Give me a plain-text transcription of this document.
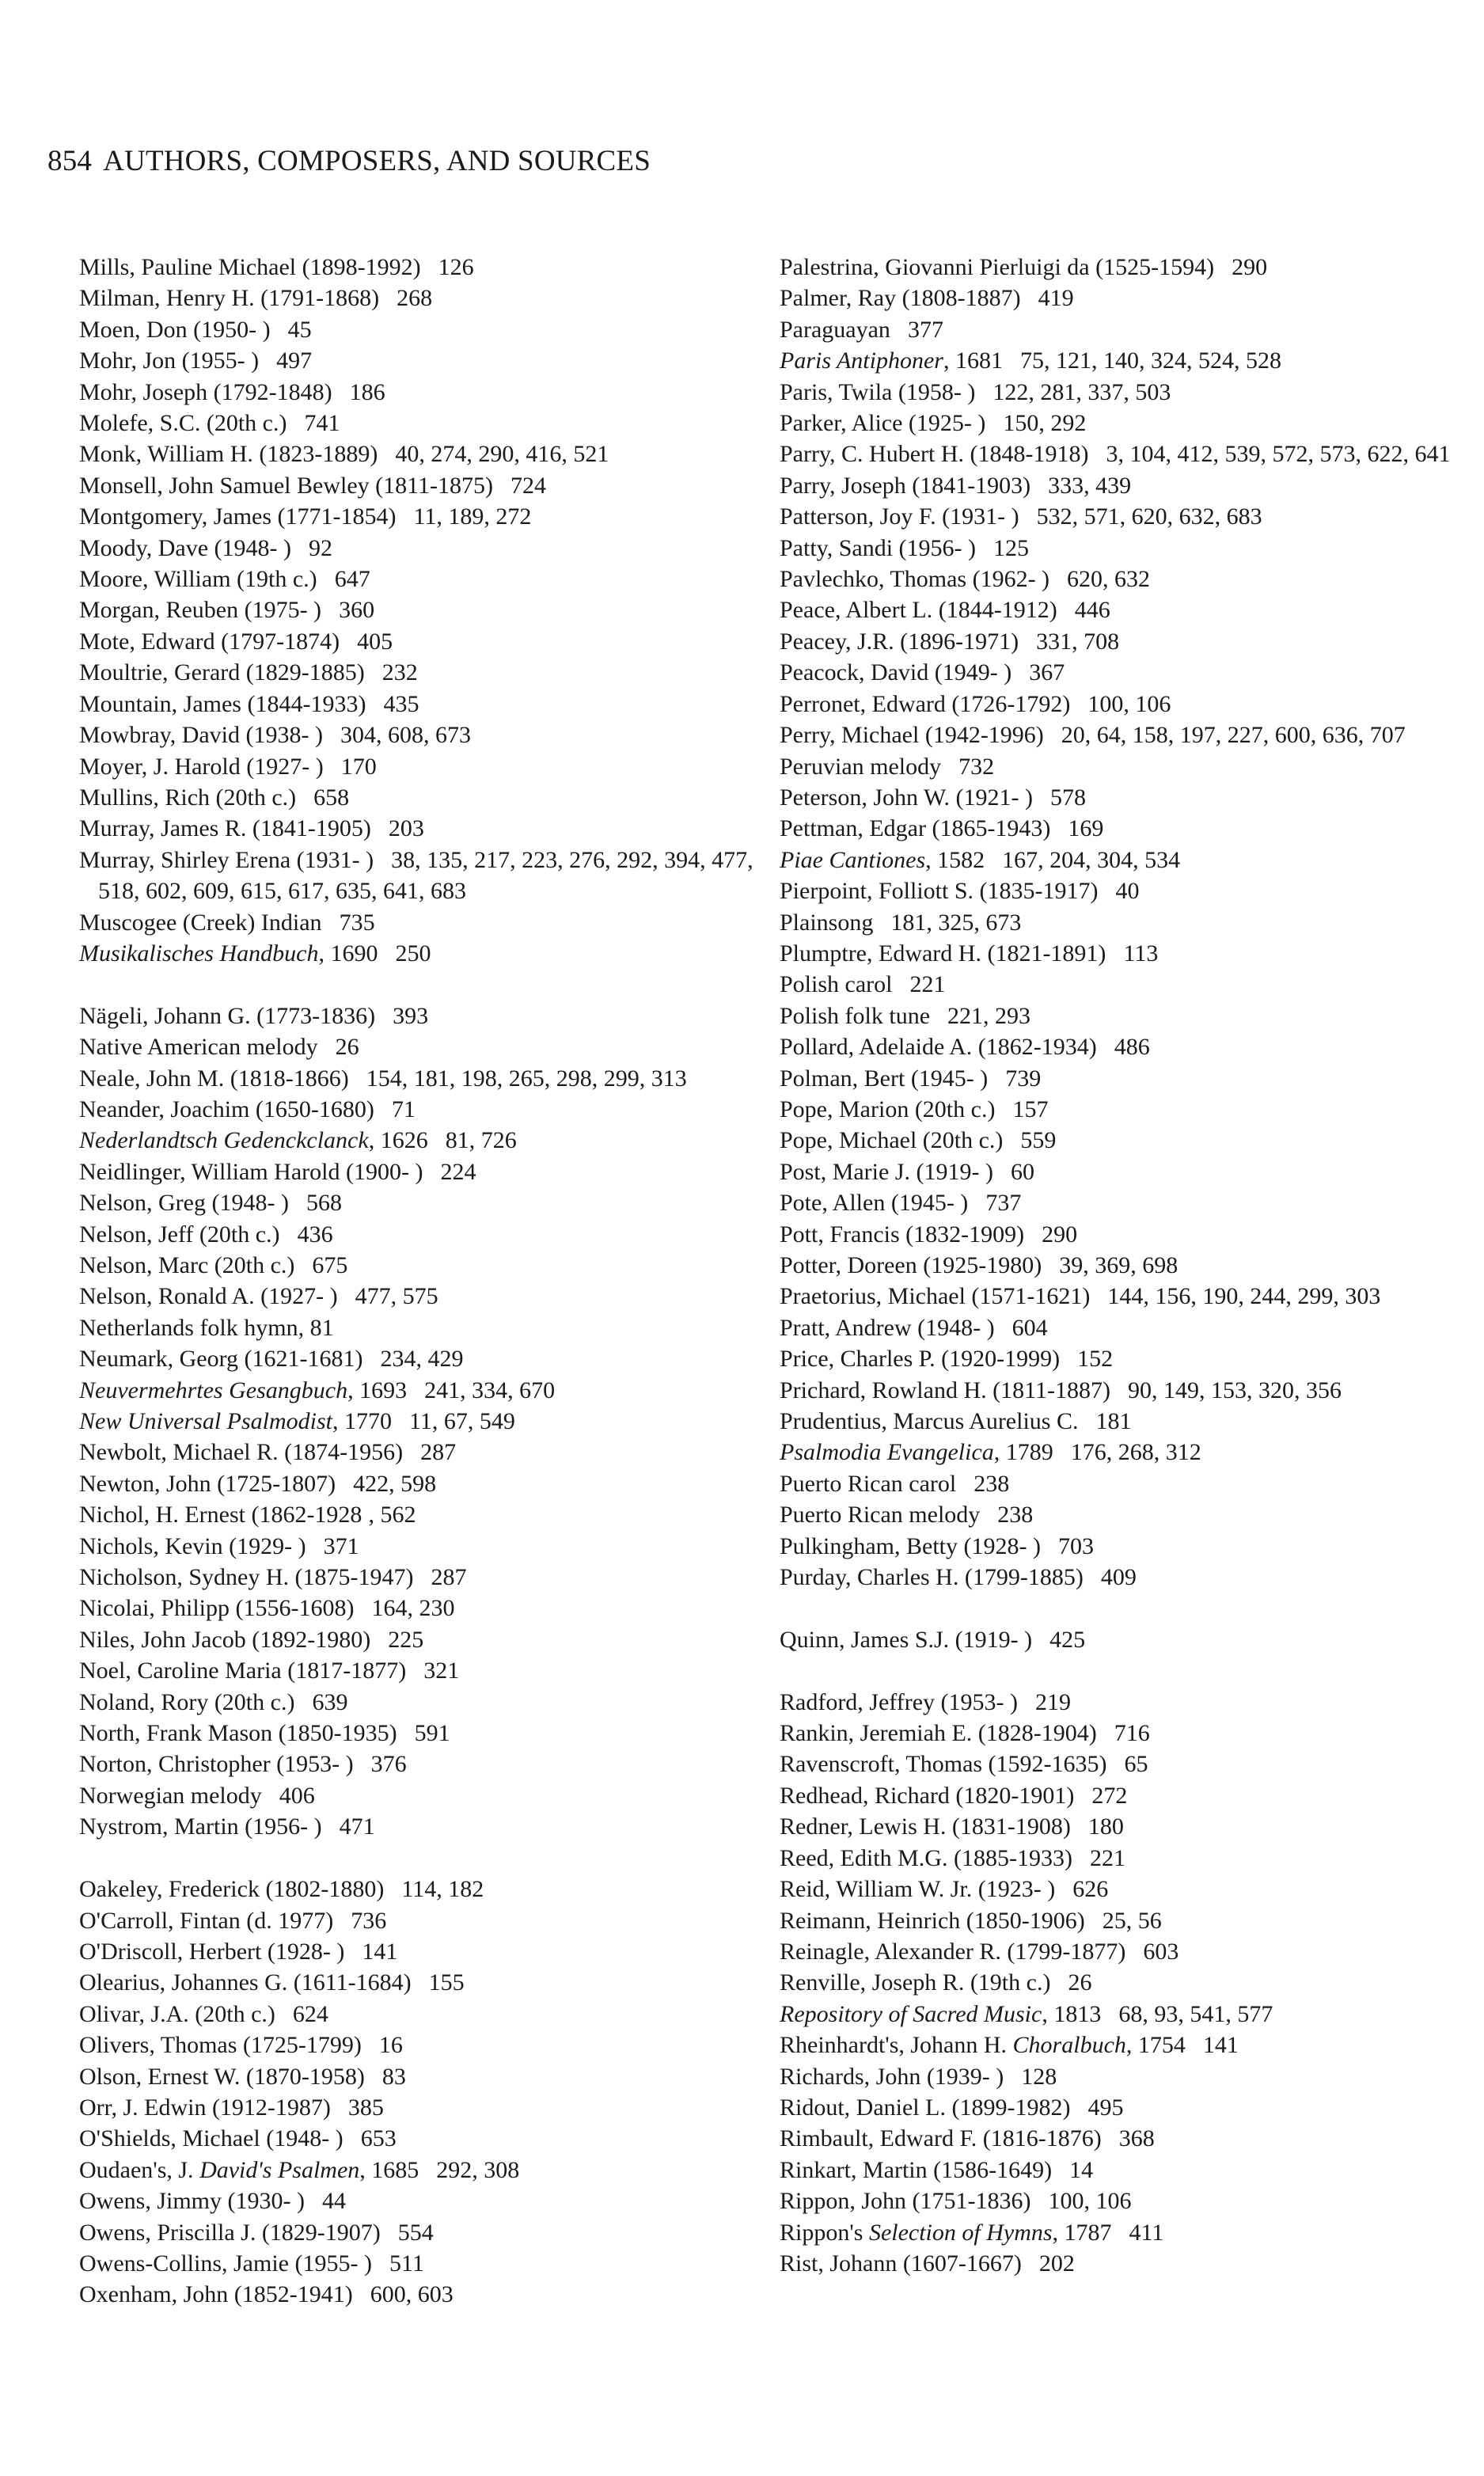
854 AUTHORS, COMPOSERS, AND SOURCES
Mills, Pauline Michael (1898-1992) 126
Milman, Henry H. (1791-1868) 268
Moen, Don (1950- ) 45
Mohr, Jon (1955- ) 497
Mohr, Joseph (1792-1848) 186
Molefe, S.C. (20th c.) 741
Monk, William H. (1823-1889) 40, 274, 290, 416, 521
Monsell, John Samuel Bewley (1811-1875) 724
Montgomery, James (1771-1854) 11, 189, 272
Moody, Dave (1948- ) 92
Moore, William (19th c.) 647
Morgan, Reuben (1975- ) 360
Mote, Edward (1797-1874) 405
Moultrie, Gerard (1829-1885) 232
Mountain, James (1844-1933) 435
Mowbray, David (1938- ) 304, 608, 673
Moyer, J. Harold (1927- ) 170
Mullins, Rich (20th c.) 658
Murray, James R. (1841-1905) 203
Murray, Shirley Erena (1931- ) 38, 135, 217, 223, 276, 292, 394, 477, 518, 602, 609, 615, 617, 635, 641, 683
Muscogee (Creek) Indian 735
Musikalisches Handbuch, 1690 250
Nägeli, Johann G. (1773-1836) 393
Native American melody 26
Neale, John M. (1818-1866) 154, 181, 198, 265, 298, 299, 313
Neander, Joachim (1650-1680) 71
Nederlandtsch Gedenckclanck, 1626 81, 726
Neidlinger, William Harold (1900- ) 224
Nelson, Greg (1948- ) 568
Nelson, Jeff (20th c.) 436
Nelson, Marc (20th c.) 675
Nelson, Ronald A. (1927- ) 477, 575
Netherlands folk hymn, 81
Neumark, Georg (1621-1681) 234, 429
Neuvermehrtes Gesangbuch, 1693 241, 334, 670
New Universal Psalmodist, 1770 11, 67, 549
Newbolt, Michael R. (1874-1956) 287
Newton, John (1725-1807) 422, 598
Nichol, H. Ernest (1862-1928 , 562
Nichols, Kevin (1929- ) 371
Nicholson, Sydney H. (1875-1947) 287
Nicolai, Philipp (1556-1608) 164, 230
Niles, John Jacob (1892-1980) 225
Noel, Caroline Maria (1817-1877) 321
Noland, Rory (20th c.) 639
North, Frank Mason (1850-1935) 591
Norton, Christopher (1953- ) 376
Norwegian melody 406
Nystrom, Martin (1956- ) 471
Oakeley, Frederick (1802-1880) 114, 182
O'Carroll, Fintan (d. 1977) 736
O'Driscoll, Herbert (1928- ) 141
Olearius, Johannes G. (1611-1684) 155
Olivar, J.A. (20th c.) 624
Olivers, Thomas (1725-1799) 16
Olson, Ernest W. (1870-1958) 83
Orr, J. Edwin (1912-1987) 385
O'Shields, Michael (1948- ) 653
Oudaen's, J. David's Psalmen, 1685 292, 308
Owens, Jimmy (1930- ) 44
Owens, Priscilla J. (1829-1907) 554
Owens-Collins, Jamie (1955- ) 511
Oxenham, John (1852-1941) 600, 603
Palestrina, Giovanni Pierluigi da (1525-1594) 290
Palmer, Ray (1808-1887) 419
Paraguayan 377
Paris Antiphoner, 1681 75, 121, 140, 324, 524, 528
Paris, Twila (1958- ) 122, 281, 337, 503
Parker, Alice (1925- ) 150, 292
Parry, C. Hubert H. (1848-1918) 3, 104, 412, 539, 572, 573, 622, 641
Parry, Joseph (1841-1903) 333, 439
Patterson, Joy F. (1931- ) 532, 571, 620, 632, 683
Patty, Sandi (1956- ) 125
Pavlechko, Thomas (1962- ) 620, 632
Peace, Albert L. (1844-1912) 446
Peacey, J.R. (1896-1971) 331, 708
Peacock, David (1949- ) 367
Perronet, Edward (1726-1792) 100, 106
Perry, Michael (1942-1996) 20, 64, 158, 197, 227, 600, 636, 707
Peruvian melody 732
Peterson, John W. (1921- ) 578
Pettman, Edgar (1865-1943) 169
Piae Cantiones, 1582 167, 204, 304, 534
Pierpoint, Folliott S. (1835-1917) 40
Plainsong 181, 325, 673
Plumptre, Edward H. (1821-1891) 113
Polish carol 221
Polish folk tune 221, 293
Pollard, Adelaide A. (1862-1934) 486
Polman, Bert (1945- ) 739
Pope, Marion (20th c.) 157
Pope, Michael (20th c.) 559
Post, Marie J. (1919- ) 60
Pote, Allen (1945- ) 737
Pott, Francis (1832-1909) 290
Potter, Doreen (1925-1980) 39, 369, 698
Praetorius, Michael (1571-1621) 144, 156, 190, 244, 299, 303
Pratt, Andrew (1948- ) 604
Price, Charles P. (1920-1999) 152
Prichard, Rowland H. (1811-1887) 90, 149, 153, 320, 356
Prudentius, Marcus Aurelius C. 181
Psalmodia Evangelica, 1789 176, 268, 312
Puerto Rican carol 238
Puerto Rican melody 238
Pulkingham, Betty (1928- ) 703
Purday, Charles H. (1799-1885) 409
Quinn, James S.J. (1919- ) 425
Radford, Jeffrey (1953- ) 219
Rankin, Jeremiah E. (1828-1904) 716
Ravenscroft, Thomas (1592-1635) 65
Redhead, Richard (1820-1901) 272
Redner, Lewis H. (1831-1908) 180
Reed, Edith M.G. (1885-1933) 221
Reid, William W. Jr. (1923- ) 626
Reimann, Heinrich (1850-1906) 25, 56
Reinagle, Alexander R. (1799-1877) 603
Renville, Joseph R. (19th c.) 26
Repository of Sacred Music, 1813 68, 93, 541, 577
Rheinhardt's, Johann H. Choralbuch, 1754 141
Richards, John (1939- ) 128
Ridout, Daniel L. (1899-1982) 495
Rimbault, Edward F. (1816-1876) 368
Rinkart, Martin (1586-1649) 14
Rippon, John (1751-1836) 100, 106
Rippon's Selection of Hymns, 1787 411
Rist, Johann (1607-1667) 202
